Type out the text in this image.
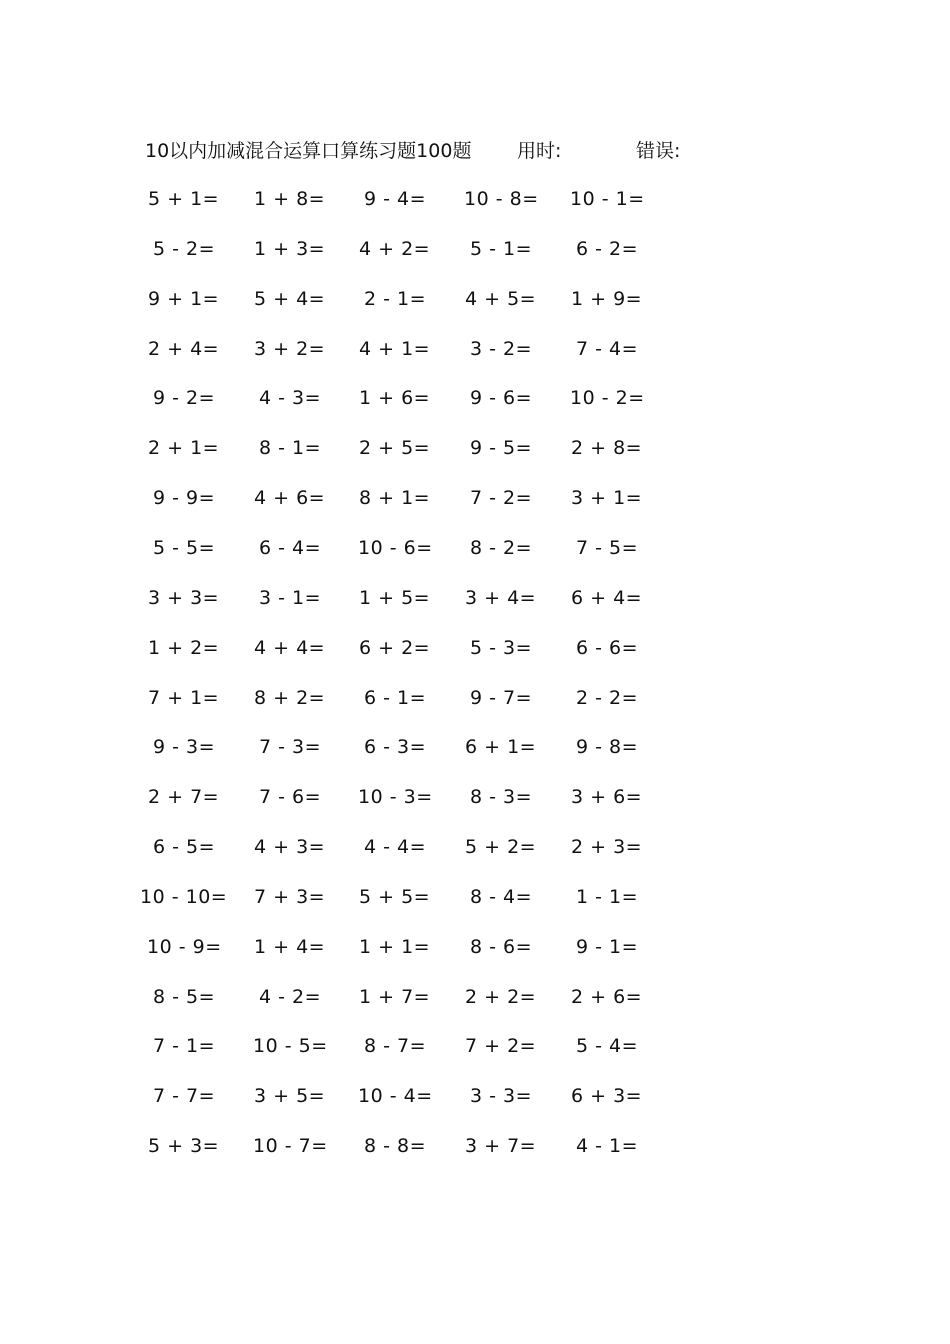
10以内加减混合运算口算练习题100题 用时:	错误:
5 + 1= 1 + 8= 9 - 4= 10 - 8= 10 - 1=
5 - 2= 1 + 3= 4 + 2= 5 - 1= 6 - 2=
9 + 1= 5 + 4= 2 - 1= 4 + 5= 1 + 9=
2 + 4= 3 + 2= 4 + 1= 3 - 2= 7 - 4=
9 - 2= 4 - 3= 1 + 6= 9 - 6= 10 - 2=
2 + 1= 8 - 1= 2 + 5= 9 - 5= 2 + 8=
9 - 9= 4 + 6= 8 + 1= 7 - 2= 3 + 1=
5 - 5= 6 - 4= 10 - 6= 8 - 2= 7 - 5=
3 + 3= 3 - 1= 1 + 5= 3 + 4= 6 + 4=
1 + 2= 4 + 4= 6 + 2= 5 - 3= 6 - 6=
7 + 1= 8 + 2= 6 - 1= 9 - 7= 2 - 2=
9 - 3= 7 - 3= 6 - 3= 6 + 1= 9 - 8=
2 + 7= 7 - 6= 10 - 3= 8 - 3= 3 + 6=
6 - 5= 4 + 3= 4 - 4= 5 + 2= 2 + 3=
10 - 10= 7 + 3= 5 + 5= 8 - 4= 1 - 1=
10 - 9= 1 + 4= 1 + 1= 8 - 6= 9 - 1=
8 - 5= 4 - 2= 1 + 7= 2 + 2= 2 + 6=
7 - 1= 10 - 5= 8 - 7= 7 + 2= 5 - 4=
7 - 7= 3 + 5= 10 - 4= 3 - 3= 6 + 3=
5 + 3= 10 - 7= 8 - 8= 3 + 7= 4 - 1=
